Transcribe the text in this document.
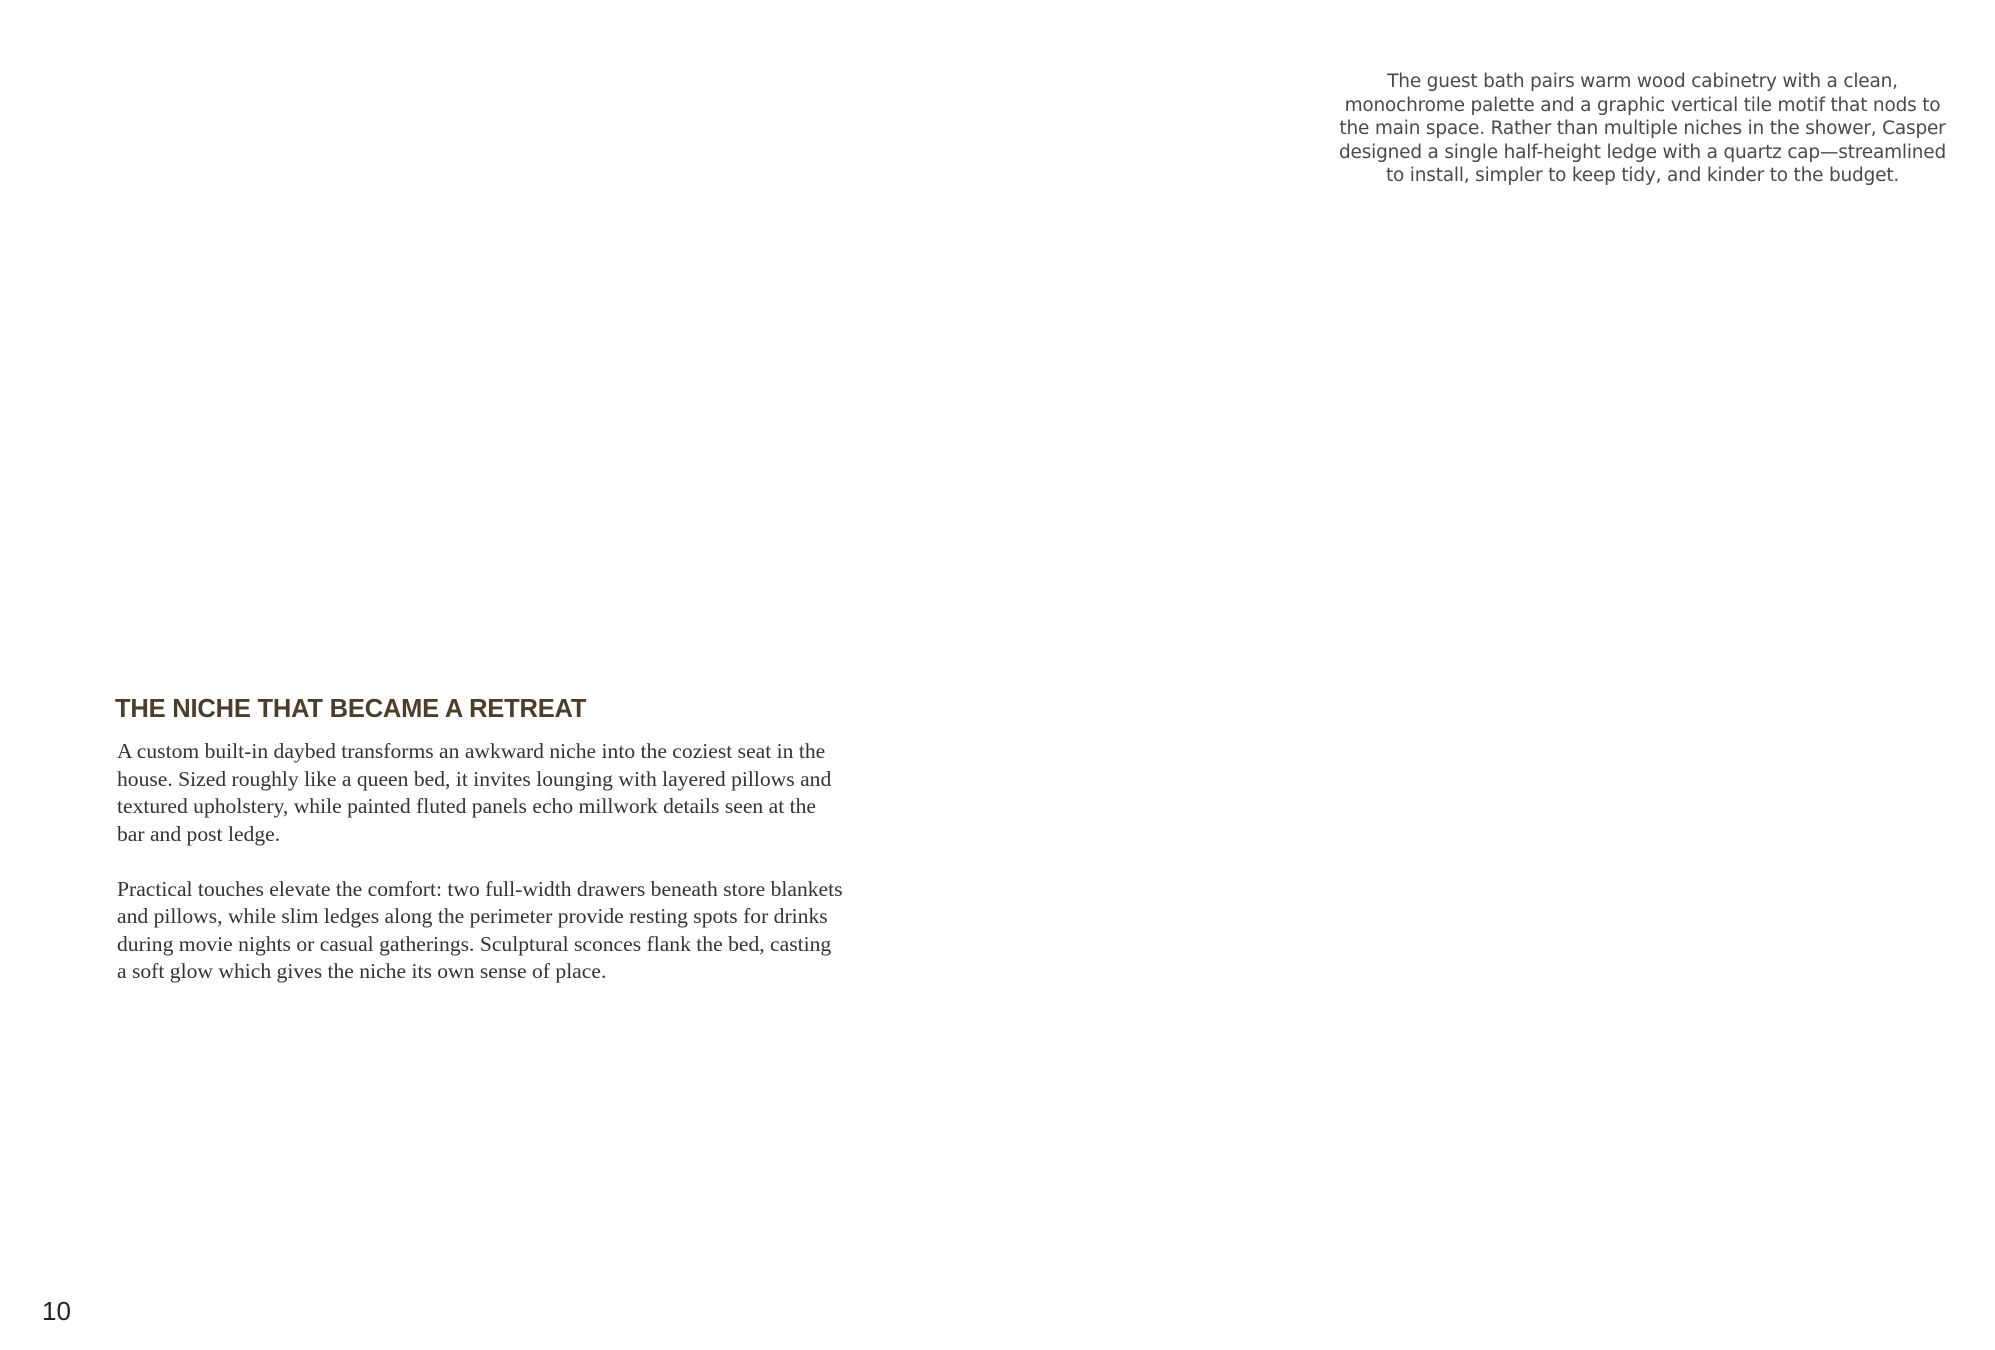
The guest bath pairs warm wood cabinetry with a clean,
monochrome palette and a graphic vertical tile motif that nods to
the main space. Rather than multiple niches in the shower, Casper
designed a single half-height ledge with a quartz cap—streamlined
to install, simpler to keep tidy, and kinder to the budget.
THE NICHE THAT BECAME A RETREAT

A custom built-in daybed transforms an awkward niche into the coziest seat in the
house. Sized roughly like a queen bed, it invites lounging with layered pillows and
textured upholstery, while painted fluted panels echo millwork details seen at the
bar and post ledge.

Practical touches elevate the comfort: two full-width drawers beneath store blankets
and pillows, while slim ledges along the perimeter provide resting spots for drinks
during movie nights or casual gatherings. Sculptural sconces flank the bed, casting
a soft glow which gives the niche its own sense of place.

10
